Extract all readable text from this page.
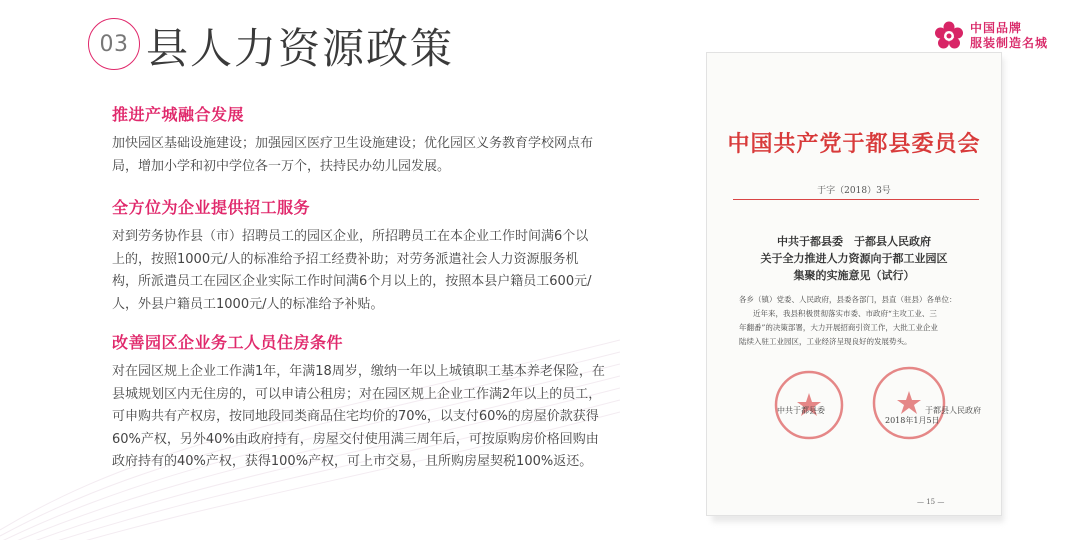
03 县人力资源政策	中国品牌
服装制造名城
推进产城融合发展

加快园区基础设施建设；加强园区医疗卫生设施建设；优化园区义务教育学校网点布
局，增加小学和初中学位各一万个，扶持民办幼儿园发展。

全方位为企业提供招工服务

对到劳务协作县（市）招聘员工的园区企业，所招聘员工在本企业工作时间满6个以
上的，按照1000元/人的标准给予招工经费补助；对劳务派遣社会人力资源服务机
构，所派遣员工在园区企业实际工作时间满6个月以上的，按照本县户籍员工600元/
人，外县户籍员工1000元/人的标准给予补贴。

改善园区企业务工人员住房条件

对在园区规上企业工作满1年，年满18周岁，缴纳一年以上城镇职工基本养老保险，在
县城规划区内无住房的，可以申请公租房；对在园区规上企业工作满2年以上的员工，
可申购共有产权房，按同地段同类商品住宅均价的70%，以支付60%的房屋价款获得
60%产权，另外40%由政府持有，房屋交付使用满三周年后，可按原购房价格回购由
政府持有的40%产权，获得100%产权，可上市交易，且所购房屋契税100%返还。

中国共产党于都县委员会
于字（2018）3号
中共于都县委　于都县人民政府
关于全力推进人力资源向于都工业园区
集聚的实施意见（试行）

各乡（镇）党委、人民政府，县委各部门，县直（驻县）各单位：

近年来，我县积极贯彻落实市委、市政府“主攻工业、三

年翻番”的决策部署，大力开展招商引资工作，大批工业企业

陆续入驻工业园区，工业经济呈现良好的发展势头。

中共于都县委	于都县人民政府
2018年1月5日
— 15 —
